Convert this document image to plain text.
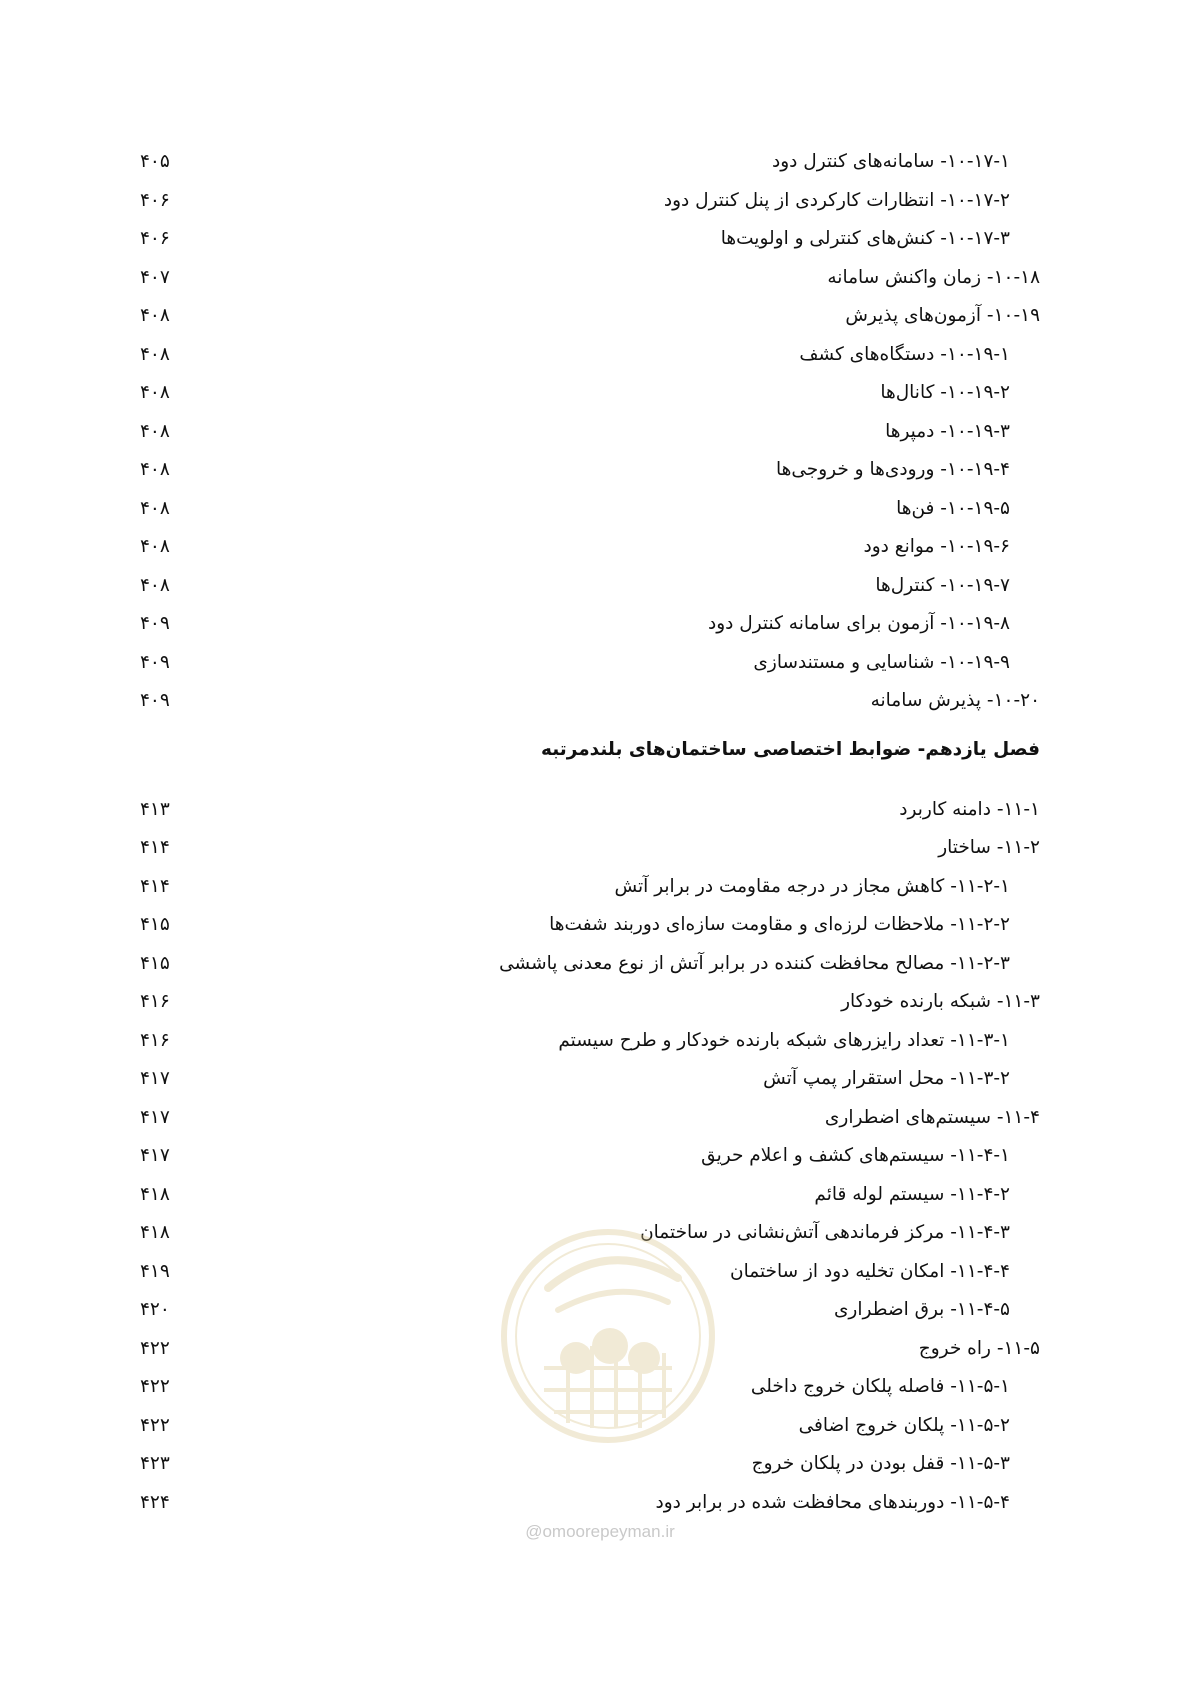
۱۰-۱۷-۱- سامانه‌های کنترل دود
۴۰۵
۱۰-۱۷-۲- انتظارات کارکردی از پنل کنترل دود
۴۰۶
۱۰-۱۷-۳- کنش‌های کنترلی و اولویت‌ها
۴۰۶
۱۰-۱۸- زمان واکنش سامانه
۴۰۷
۱۰-۱۹- آزمون‌های پذیرش
۴۰۸
۱۰-۱۹-۱- دستگاه‌های کشف
۴۰۸
۱۰-۱۹-۲- کانال‌ها
۴۰۸
۱۰-۱۹-۳- دمپرها
۴۰۸
۱۰-۱۹-۴- ورودی‌ها و خروجی‌ها
۴۰۸
۱۰-۱۹-۵- فن‌ها
۴۰۸
۱۰-۱۹-۶- موانع دود
۴۰۸
۱۰-۱۹-۷- کنترل‌ها
۴۰۸
۱۰-۱۹-۸- آزمون برای سامانه کنترل دود
۴۰۹
۱۰-۱۹-۹- شناسایی و مستندسازی
۴۰۹
۱۰-۲۰- پذیرش سامانه
۴۰۹
فصل یازدهم- ضوابط اختصاصی ساختمان‌های بلندمرتبه
۱۱-۱- دامنه کاربرد
۴۱۳
۱۱-۲- ساختار
۴۱۴
۱۱-۲-۱- کاهش مجاز در درجه مقاومت در برابر آتش
۴۱۴
۱۱-۲-۲- ملاحظات لرزه‌ای و مقاومت سازه‌ای دوربند شفت‌ها
۴۱۵
۱۱-۲-۳- مصالح محافظت کننده در برابر آتش از نوع معدنی پاششی
۴۱۵
۱۱-۳- شبکه بارنده خودکار
۴۱۶
۱۱-۳-۱- تعداد رایزرهای شبکه بارنده خودکار و طرح سیستم
۴۱۶
۱۱-۳-۲- محل استقرار پمپ آتش
۴۱۷
۱۱-۴- سیستم‌های اضطراری
۴۱۷
۱۱-۴-۱- سیستم‌های کشف و اعلام حریق
۴۱۷
۱۱-۴-۲- سیستم لوله قائم
۴۱۸
۱۱-۴-۳- مرکز فرماندهی آتش‌نشانی در ساختمان
۴۱۸
۱۱-۴-۴- امکان تخلیه دود از ساختمان
۴۱۹
۱۱-۴-۵- برق اضطراری
۴۲۰
۱۱-۵- راه خروج
۴۲۲
۱۱-۵-۱- فاصله پلکان خروج داخلی
۴۲۲
۱۱-۵-۲- پلکان خروج اضافی
۴۲۲
۱۱-۵-۳- قفل بودن در پلکان خروج
۴۲۳
۱۱-۵-۴- دوربندهای محافظت شده در برابر دود
۴۲۴
@omoorepeyman.ir
